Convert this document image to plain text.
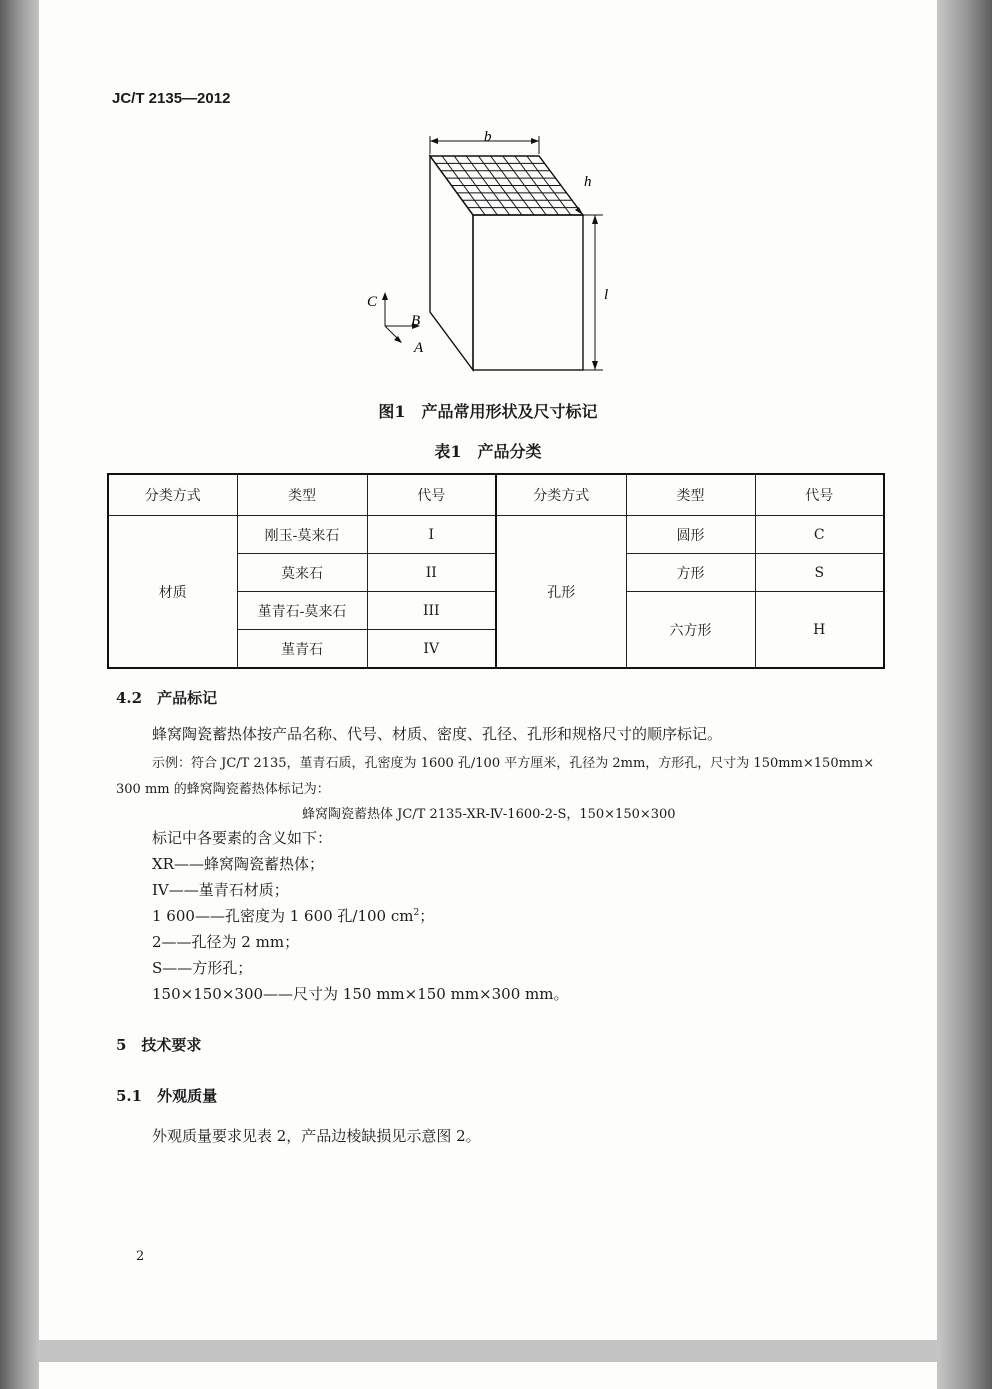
JC/T 2135—2012
b
h
l
C
B
A
图1　产品常用形状及尺寸标记
表1　产品分类
分类方式	类型	代号	分类方式	类型	代号
材质	刚玉-莫来石	I	孔形	圆形	C
	莫来石	II		方形	S
	堇青石-莫来石	III		六方形	H
	堇青石	IV			
4.2　产品标记
蜂窝陶瓷蓄热体按产品名称、代号、材质、密度、孔径、孔形和规格尺寸的顺序标记。
示例：符合 JC/T 2135，堇青石质，孔密度为 1600 孔/100 平方厘米，孔径为 2mm，方形孔，尺寸为 150mm×150mm×
300 mm 的蜂窝陶瓷蓄热体标记为：
蜂窝陶瓷蓄热体 JC/T 2135-XR-Ⅳ-1600-2-S，150×150×300
标记中各要素的含义如下：
XR——蜂窝陶瓷蓄热体；
IV——堇青石材质；
1 600——孔密度为 1 600 孔/100 $cm^2$；
2——孔径为 2 mm；
S——方形孔；
150×150×300——尺寸为 150 mm×150 mm×300 mm。
5　技术要求
5.1　外观质量
外观质量要求见表 2，产品边棱缺损见示意图 2。
2
